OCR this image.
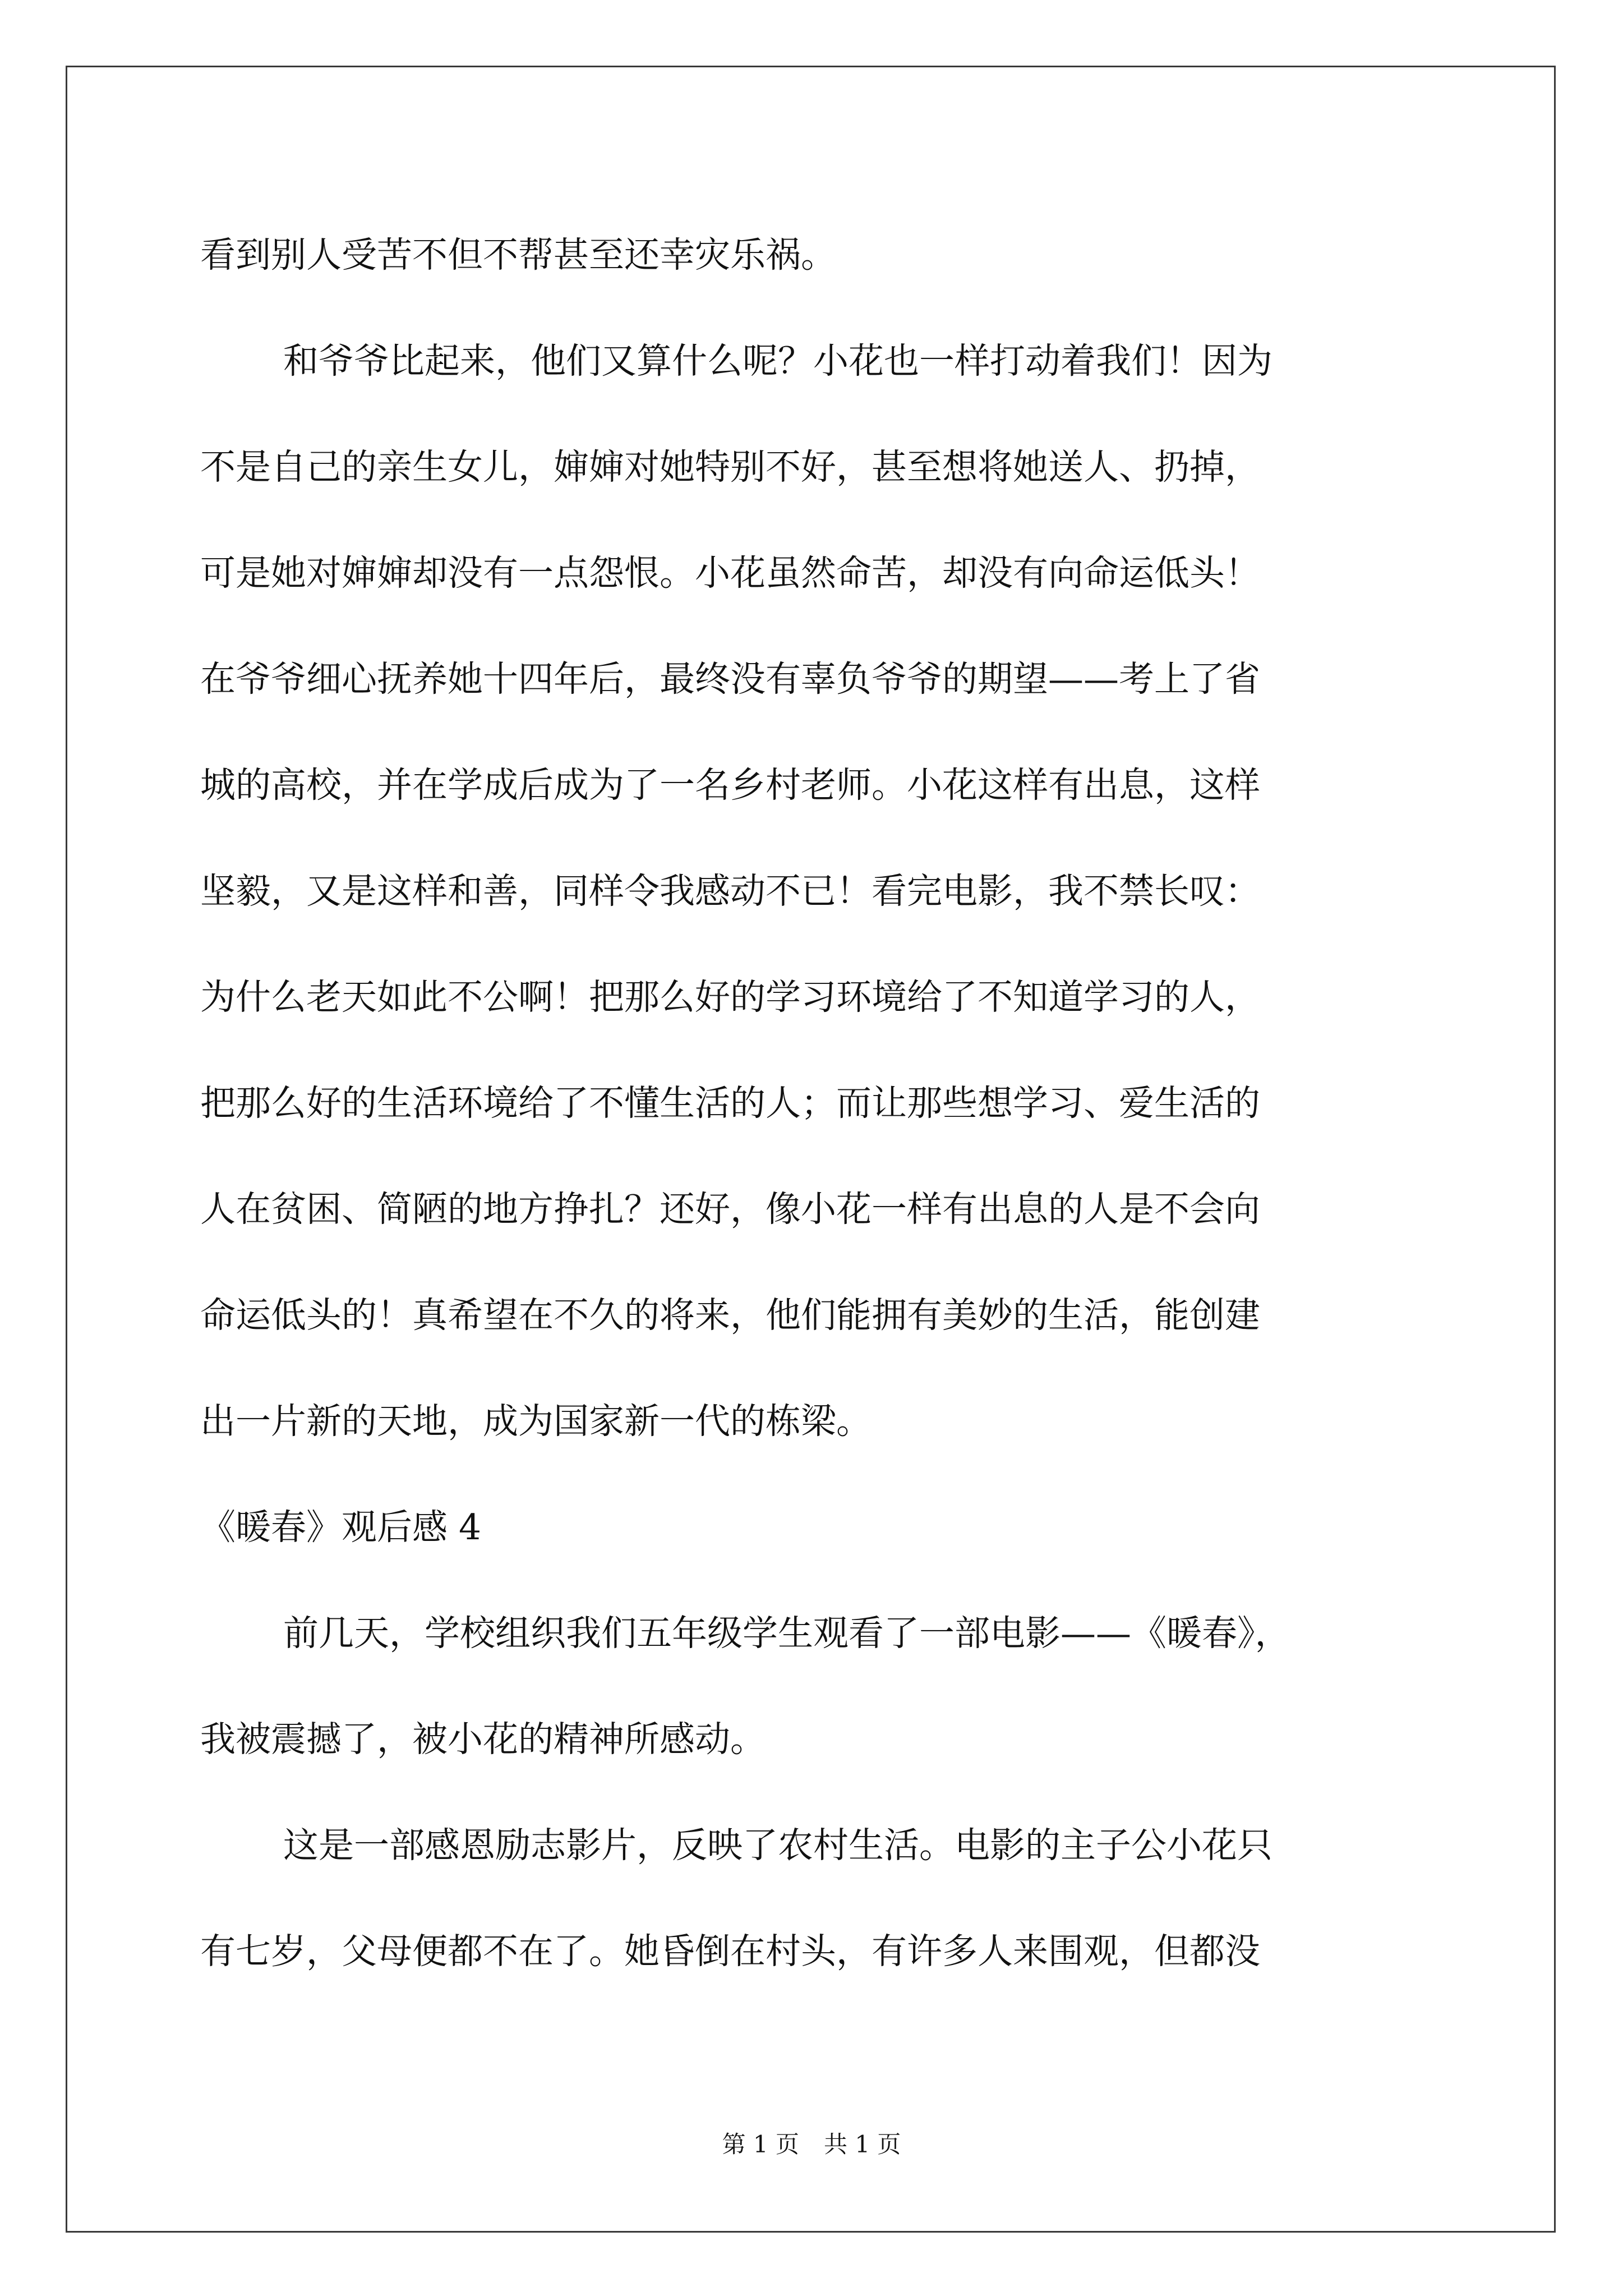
看到别人受苦不但不帮甚至还幸灾乐祸。
和爷爷比起来，他们又算什么呢？小花也一样打动着我们！因为
不是自己的亲生女儿，婶婶对她特别不好，甚至想将她送人、扔掉，
可是她对婶婶却没有一点怨恨。小花虽然命苦，却没有向命运低头！
在爷爷细心抚养她十四年后，最终没有辜负爷爷的期望——考上了省
城的高校，并在学成后成为了一名乡村老师。小花这样有出息，这样
坚毅，又是这样和善，同样令我感动不已！看完电影，我不禁长叹：
为什么老天如此不公啊！把那么好的学习环境给了不知道学习的人，
把那么好的生活环境给了不懂生活的人；而让那些想学习、爱生活的
人在贫困、简陋的地方挣扎？还好，像小花一样有出息的人是不会向
命运低头的！真希望在不久的将来，他们能拥有美妙的生活，能创建
出一片新的天地，成为国家新一代的栋梁。
《暖春》观后感 4
前几天，学校组织我们五年级学生观看了一部电影——《暖春》，
我被震撼了，被小花的精神所感动。
这是一部感恩励志影片，反映了农村生活。电影的主子公小花只
有七岁，父母便都不在了。她昏倒在村头，有许多人来围观，但都没
第 1 页 共 1 页
